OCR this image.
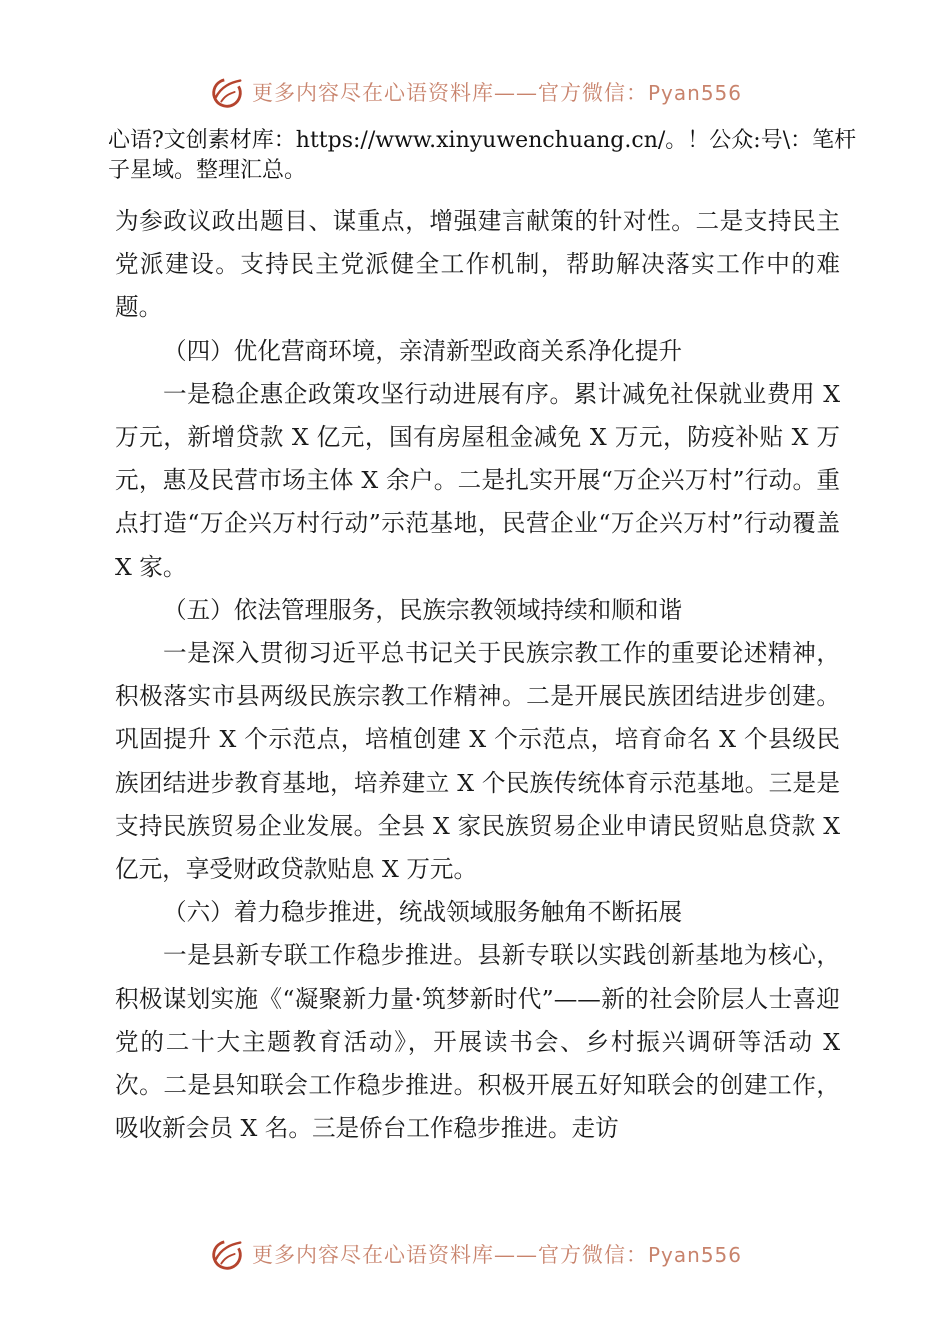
更多内容尽在心语资料库——官方微信：Pyan556
心语?文创素材库：https://www.xinyuwenchuang.cn/。！公众:号\：笔杆子星域。整理汇总。

为参政议政出题目、谋重点，增强建言献策的针对性。二是支持民主党派建设。支持民主党派健全工作机制，帮助解决落实工作中的难题。

（四）优化营商环境，亲清新型政商关系净化提升

一是稳企惠企政策攻坚行动进展有序。累计减免社保就业费用 X 万元，新增贷款 X 亿元，国有房屋租金减免 X 万元，防疫补贴 X 万元，惠及民营市场主体 X 余户。二是扎实开展“万企兴万村”行动。重点打造“万企兴万村行动”示范基地，民营企业“万企兴万村”行动覆盖 X 家。

（五）依法管理服务，民族宗教领域持续和顺和谐

一是深入贯彻习近平总书记关于民族宗教工作的重要论述精神，积极落实市县两级民族宗教工作精神。二是开展民族团结进步创建。巩固提升 X 个示范点，培植创建 X 个示范点，培育命名 X 个县级民族团结进步教育基地，培养建立 X 个民族传统体育示范基地。三是是支持民族贸易企业发展。全县 X 家民族贸易企业申请民贸贴息贷款 X 亿元，享受财政贷款贴息 X 万元。

（六）着力稳步推进，统战领域服务触角不断拓展

一是县新专联工作稳步推进。县新专联以实践创新基地为核心，积极谋划实施《“凝聚新力量·筑梦新时代”——新的社会阶层人士喜迎党的二十大主题教育活动》，开展读书会、乡村振兴调研等活动 X 次。二是县知联会工作稳步推进。积极开展五好知联会的创建工作，吸收新会员 X 名。三是侨台工作稳步推进。走访

更多内容尽在心语资料库——官方微信：Pyan556
